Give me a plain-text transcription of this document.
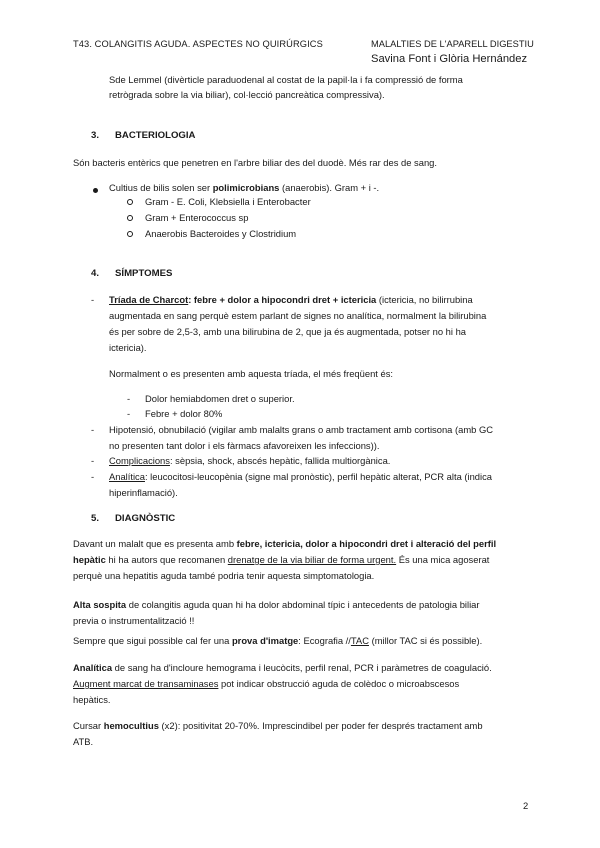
T43. COLANGITIS AGUDA. ASPECTES NO QUIRÚRGICS	MALALTIES DE L'APARELL DIGESTIU
Savina Font i Glòria Hernández
Sde Lemmel (divèrticle paraduodenal al costat de la papil·la i fa compressió de forma
retrògrada sobre la via biliar), col·lecció pancreàtica compressiva).
3. BACTERIOLOGIA
Són bacteris entèrics que penetren en l'arbre biliar des del duodè. Més rar des de sang.
Cultius de bilis solen ser polimicrobians (anaerobis). Gram + i -.
Gram - E. Coli, Klebsiella i Enterobacter
Gram + Enterococcus sp
Anaerobis Bacteroides y Clostridium
4. SÍMPTOMES
- Tríada de Charcot: febre + dolor a hipocondri dret + ictericia (ictericia, no bilirrubina
augmentada en sang perquè estem parlant de signes no analítica, normalment la bilirubina
és per sobre de 2,5-3, amb una bilirubina de 2, que ja és augmentada, potser no hi ha
ictericia).
Normalment o es presenten amb aquesta tríada, el més freqüent és:
- Dolor hemiabdomen dret o superior.
- Febre + dolor 80%
- Hipotensió, obnubilació (vigilar amb malalts grans o amb tractament amb cortisona (amb GC
no presenten tant dolor i els fàrmacs afavoreixen les infeccions)).
- Complicacions: sèpsia, shock, abscés hepàtic, fallida multiorgànica.
- Analítica: leucocitosi-leucopènia (signe mal pronòstic), perfil hepàtic alterat, PCR alta (indica
hiperinflamació).
5. DIAGNÒSTIC
Davant un malalt que es presenta amb febre, ictericia, dolor a hipocondri dret i alteració del perfil
hepàtic hi ha autors que recomanen drenatge de la via biliar de forma urgent. És una mica agoserat
perquè una hepatitis aguda també podria tenir aquesta simptomatologia.
Alta sospita de colangitis aguda quan hi ha dolor abdominal típic i antecedents de patologia biliar
previa o instrumentalització !!
Sempre que sigui possible cal fer una prova d'imatge: Ecografia //TAC (millor TAC si és possible).
Analítica de sang ha d'incloure hemograma i leucòcits, perfil renal, PCR i paràmetres de coagulació.
Augment marcat de transaminases pot indicar obstrucció aguda de colèdoc o microabscesos
hepàtics.
Cursar hemocultius (x2): positivitat 20-70%. Imprescindibel per poder fer després tractament amb
ATB.
2
